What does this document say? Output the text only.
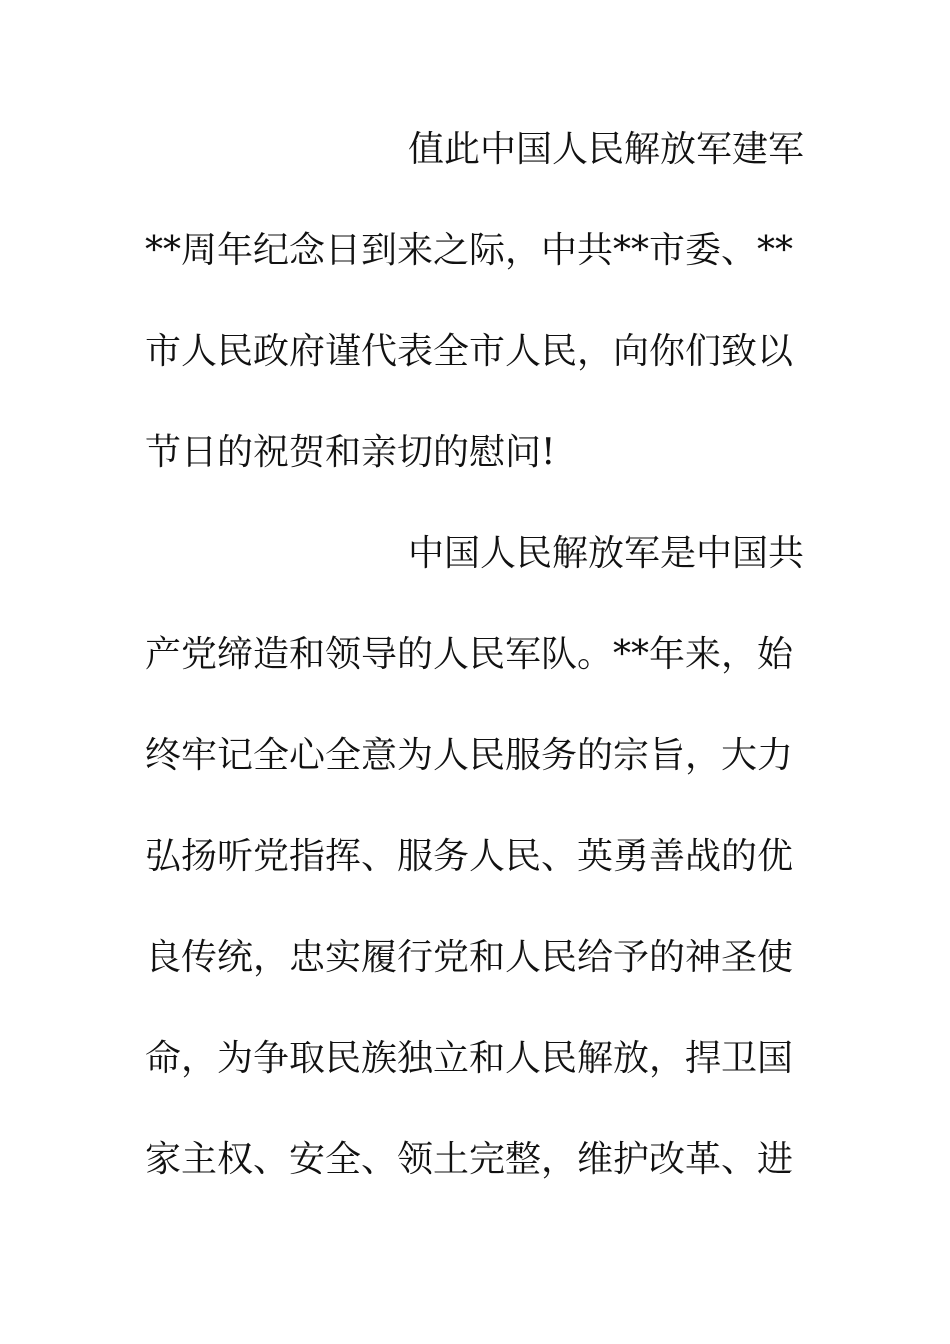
值此中国人民解放军建军
**周年纪念日到来之际，中共**市委、**
市人民政府谨代表全市人民，向你们致以
节日的祝贺和亲切的慰问!
中国人民解放军是中国共
产党缔造和领导的人民军队。**年来，始
终牢记全心全意为人民服务的宗旨，大力
弘扬听党指挥、服务人民、英勇善战的优
良传统，忠实履行党和人民给予的神圣使
命，为争取民族独立和人民解放，捍卫国
家主权、安全、领土完整，维护改革、进
